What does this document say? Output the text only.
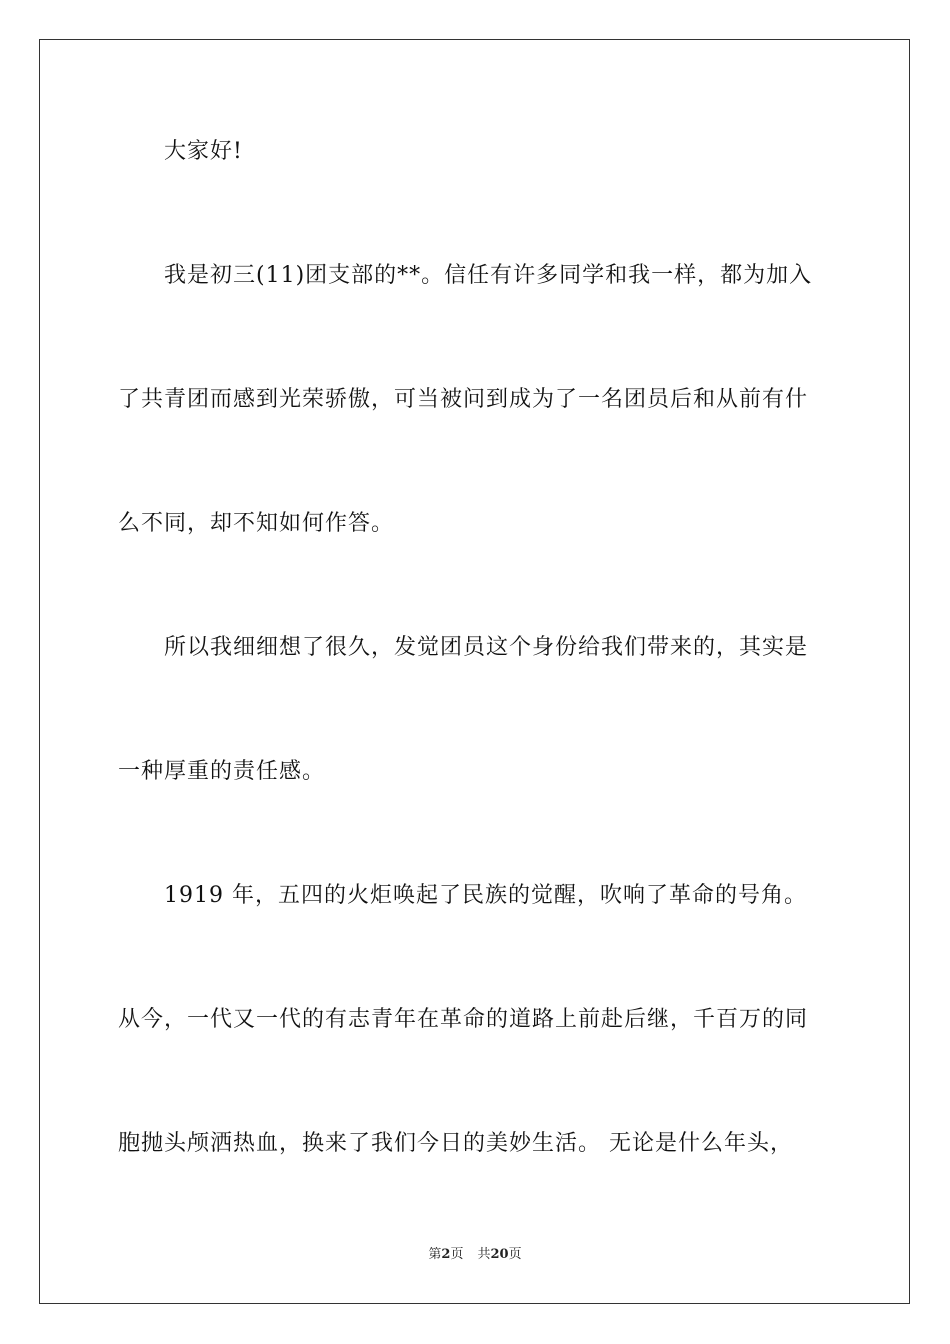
大家好!
我是初三(11)团支部的**。信任有许多同学和我一样，都为加入
了共青团而感到光荣骄傲，可当被问到成为了一名团员后和从前有什
么不同，却不知如何作答。
所以我细细想了很久，发觉团员这个身份给我们带来的，其实是
一种厚重的责任感。
1919 年，五四的火炬唤起了民族的觉醒，吹响了革命的号角。
从今，一代又一代的有志青年在革命的道路上前赴后继，千百万的同
胞抛头颅洒热血，换来了我们今日的美妙生活。 无论是什么年头，
第2页 共20页
